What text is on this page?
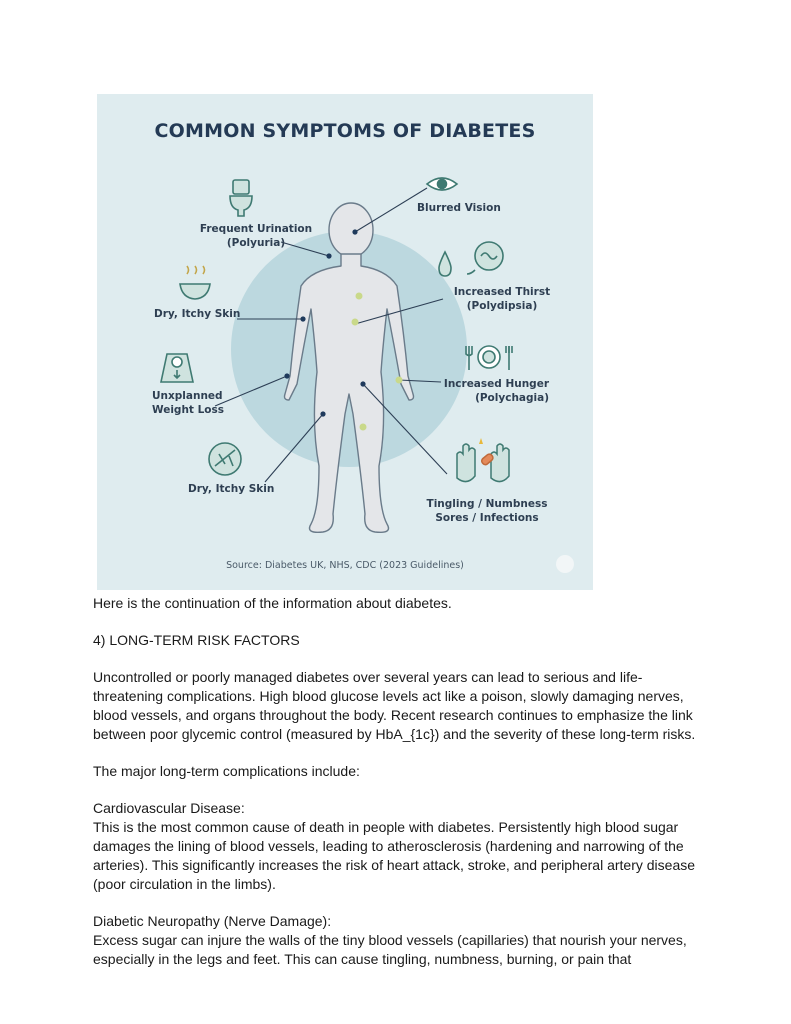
COMMON SYMPTOMS OF DIABETES
Frequent Urination
(Polyuria)
Dry, Itchy Skin
Unxplanned
Weight Loss
Dry, Itchy Skin
Blurred Vision
Increased Thirst
(Polydipsia)
Increased Hunger
(Polychagia)
Tingling / Numbness
Sores / Infections
Source: Diabetes UK, NHS, CDC (2023 Guidelines)

Here is the continuation of the information about diabetes.

4) LONG-TERM RISK FACTORS

Uncontrolled or poorly managed diabetes over several years can lead to serious and life-threatening complications. High blood glucose levels act like a poison, slowly damaging nerves, blood vessels, and organs throughout the body. Recent research continues to emphasize the link between poor glycemic control (measured by HbA_{1c}) and the severity of these long-term risks.

The major long-term complications include:

Cardiovascular Disease:

This is the most common cause of death in people with diabetes. Persistently high blood sugar damages the lining of blood vessels, leading to atherosclerosis (hardening and narrowing of the

arteries). This significantly increases the risk of heart attack, stroke, and peripheral artery disease (poor circulation in the limbs).

Diabetic Neuropathy (Nerve Damage):

Excess sugar can injure the walls of the tiny blood vessels (capillaries) that nourish your nerves, especially in the legs and feet. This can cause tingling, numbness, burning, or pain that
